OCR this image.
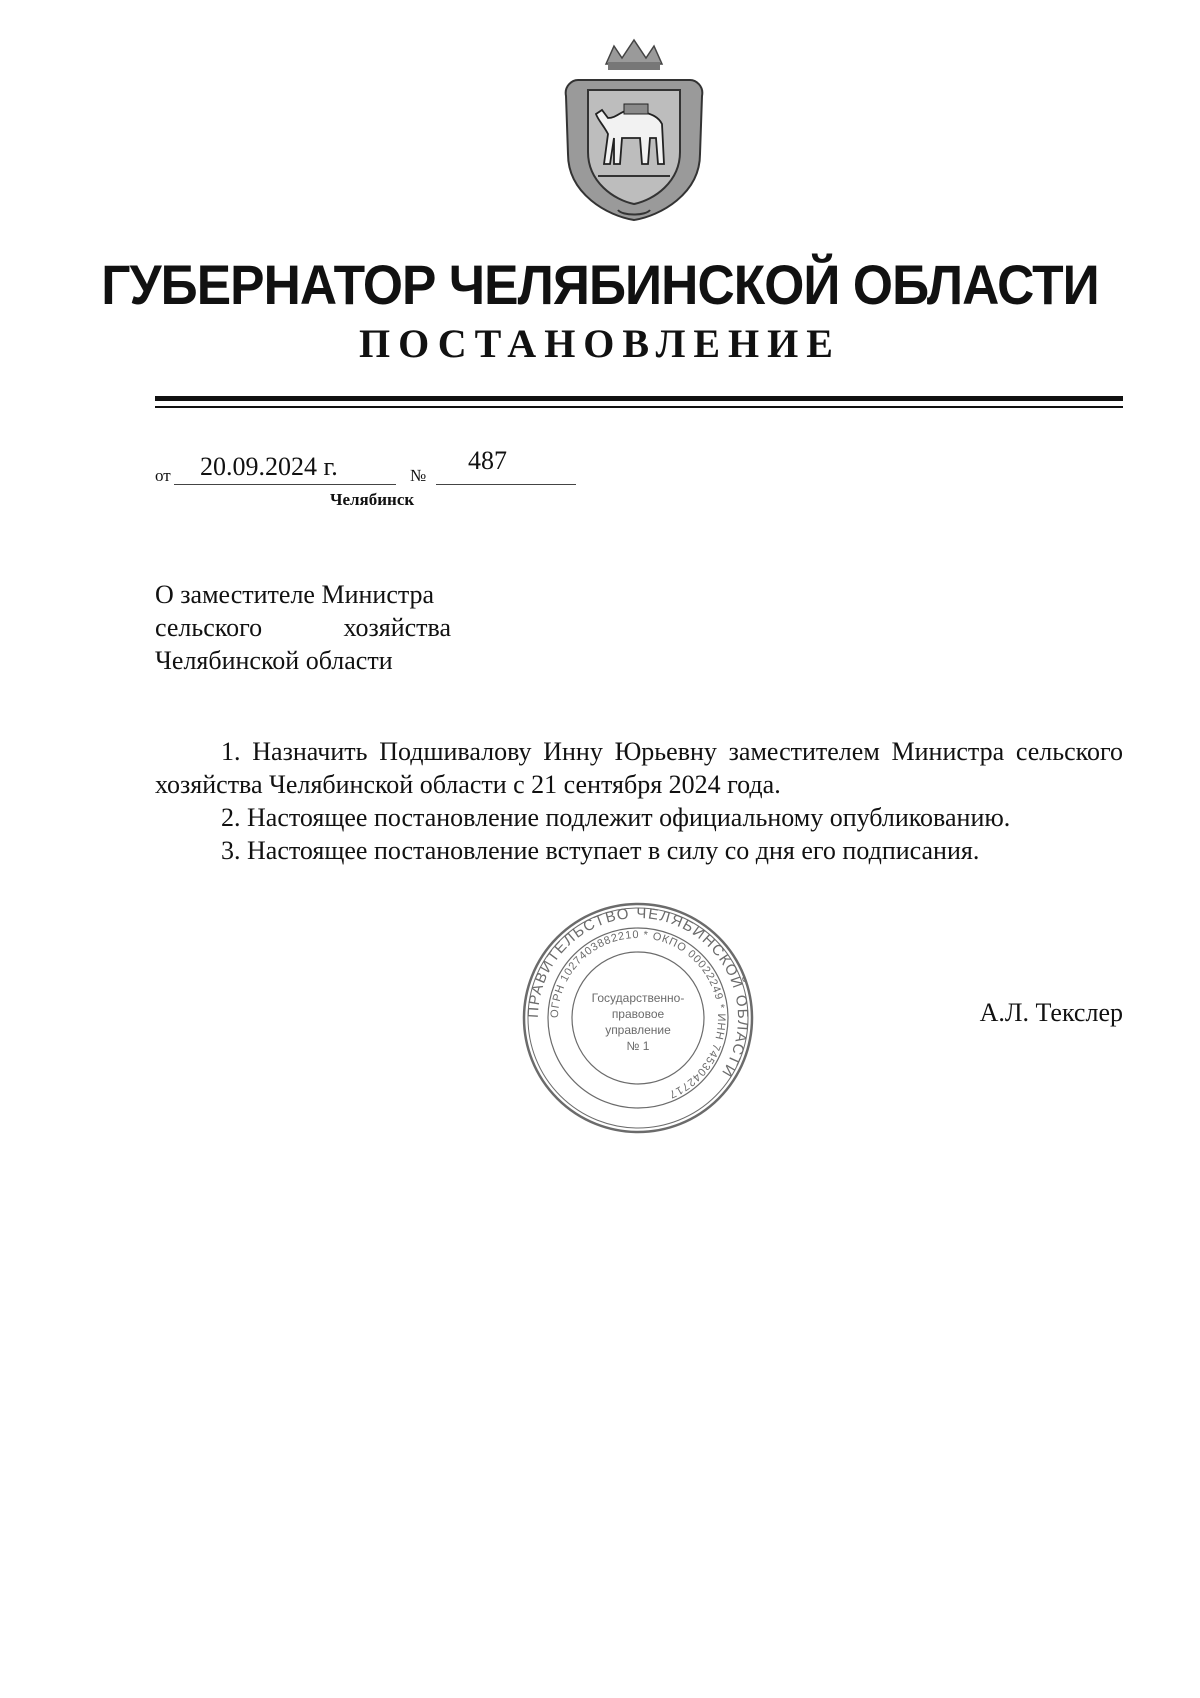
ГУБЕРНАТОР ЧЕЛЯБИНСКОЙ ОБЛАСТИ
ПОСТАНОВЛЕНИЕ
от 20.09.2024 г.	№
487
Челябинск
О заместителе Министра
сельского	хозяйства
Челябинской области

1. Назначить Подшивалову Инну Юрьевну заместителем Министра сельского хозяйства Челябинской области с 21 сентября 2024 года.

2. Настоящее постановление подлежит официальному опубликованию.

3. Настоящее постановление вступает в силу со дня его подписания.

ПРАВИТЕЛЬСТВО ЧЕЛЯБИНСКОЙ ОБЛАСТИ
ОГРН 1027403882210 * ОКПО 00022249 * ИНН 7453042717
Государственно-
правовое
управление
№ 1
А.Л. Текслер
